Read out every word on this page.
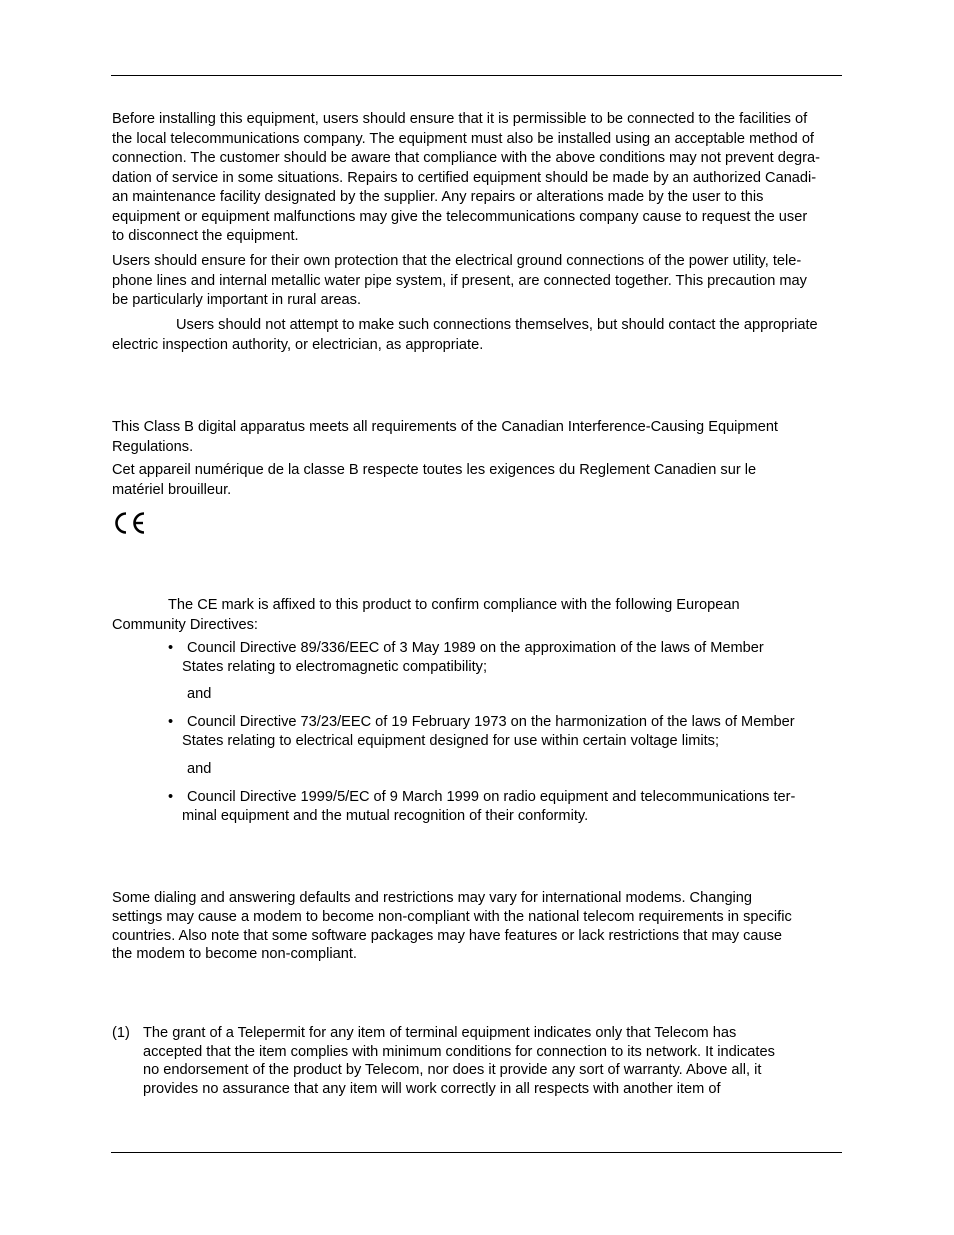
Before installing this equipment, users should ensure that it is permissible to be connected to the facilities of
the local telecommunications company. The equipment must also be installed using an acceptable method of
connection. The customer should be aware that compliance with the above conditions may not prevent degra-
dation of service in some situations. Repairs to certified equipment should be made by an authorized Canadi-
an maintenance facility designated by the supplier. Any repairs or alterations made by the user to this
equipment or equipment malfunctions may give the telecommunications company cause to request the user
to disconnect the equipment.
Users should ensure for their own protection that the electrical ground connections of the power utility, tele-
phone lines and internal metallic water pipe system, if present, are connected together. This precaution may
be particularly important in rural areas.
Users should not attempt to make such connections themselves, but should contact the appropriate
electric inspection authority, or electrician, as appropriate.
This Class B digital apparatus meets all requirements of the Canadian Interference-Causing Equipment
Regulations.
Cet appareil numérique de la classe B respecte toutes les exigences du Reglement Canadien sur le
matériel brouilleur.
The CE mark is affixed to this product to confirm compliance with the following European
Community Directives:
• Council Directive 89/336/EEC of 3 May 1989 on the approximation of the laws of Member
States relating to electromagnetic compatibility;
and
• Council Directive 73/23/EEC of 19 February 1973 on the harmonization of the laws of Member
States relating to electrical equipment designed for use within certain voltage limits;
and
• Council Directive 1999/5/EC of 9 March 1999 on radio equipment and telecommunications ter-
minal equipment and the mutual recognition of their conformity.
Some dialing and answering defaults and restrictions may vary for international modems. Changing
settings may cause a modem to become non-compliant with the national telecom requirements in specific
countries. Also note that some software packages may have features or lack restrictions that may cause
the modem to become non-compliant.
(1) The grant of a Telepermit for any item of terminal equipment indicates only that Telecom has
accepted that the item complies with minimum conditions for connection to its network. It indicates
no endorsement of the product by Telecom, nor does it provide any sort of warranty. Above all, it
provides no assurance that any item will work correctly in all respects with another item of
